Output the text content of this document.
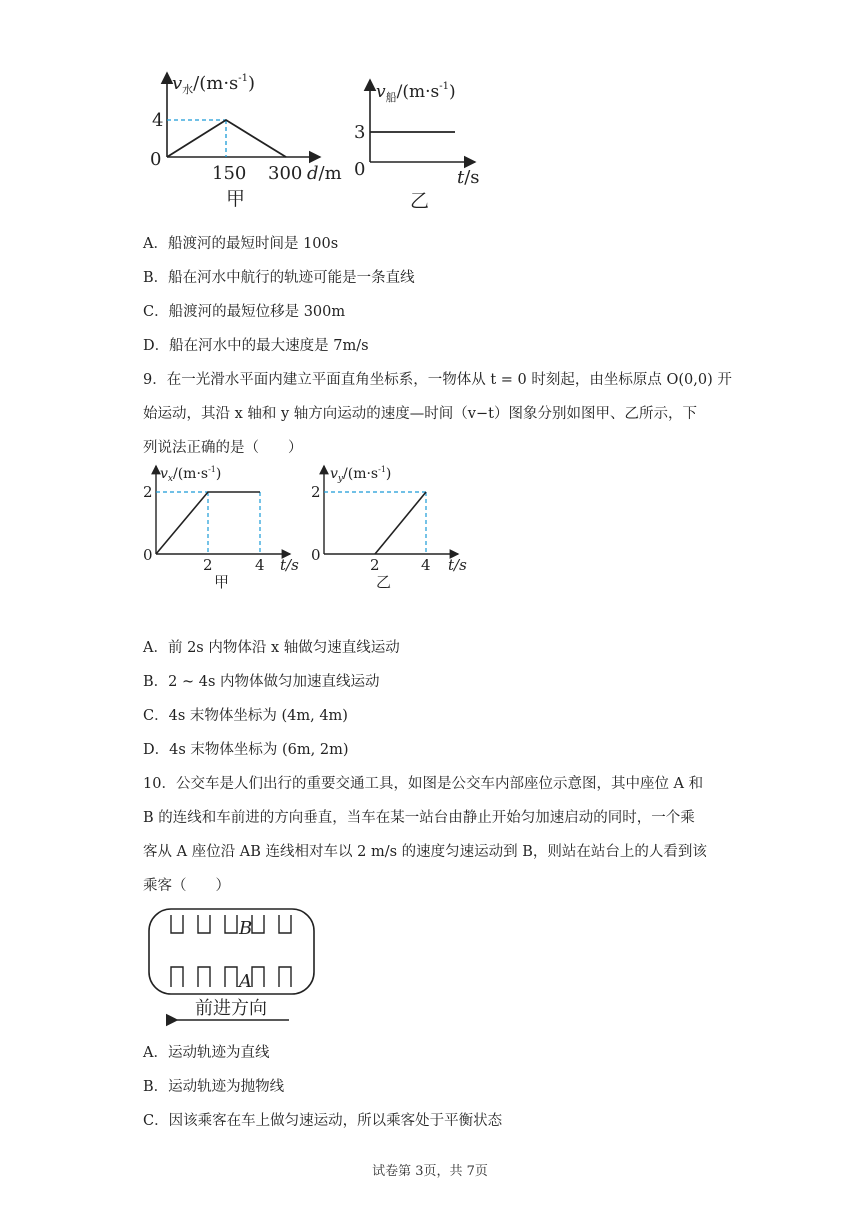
$v_水/(m\cdot s^{-1})$
4
0
150 300 d/m
甲
$v_船/(m\cdot s^{-1})$
3
0	t/s
乙
A．船渡河的最短时间是 100s
B．船在河水中航行的轨迹可能是一条直线
C．船渡河的最短位移是 300m
D．船在河水中的最大速度是 7m/s
9．在一光滑水平面内建立平面直角坐标系，一物体从 t = 0 时刻起，由坐标原点 O(0,0) 开
始运动，其沿 x 轴和 y 轴方向运动的速度—时间（v−t）图象分别如图甲、乙所示，下
列说法正确的是（　　）
$v_x/(m\cdot s^{-1})$
2
0
2	4 t/s
甲
$v_y/(m\cdot s^{-1})$
2
0
2	4 t/s
乙
A．前 2s 内物体沿 x 轴做匀速直线运动
B．2 ~ 4s 内物体做匀加速直线运动
C．4s 末物体坐标为 (4m, 4m)
D．4s 末物体坐标为 (6m, 2m)
10．公交车是人们出行的重要交通工具，如图是公交车内部座位示意图，其中座位 A 和
B 的连线和车前进的方向垂直，当车在某一站台由静止开始匀加速启动的同时，一个乘
客从 A 座位沿 AB 连线相对车以 2 m/s 的速度匀速运动到 B，则站在站台上的人看到该
乘客（　　）
B
A
前进方向
A．运动轨迹为直线
B．运动轨迹为抛物线
C．因该乘客在车上做匀速运动，所以乘客处于平衡状态
试卷第 3页，共 7页
